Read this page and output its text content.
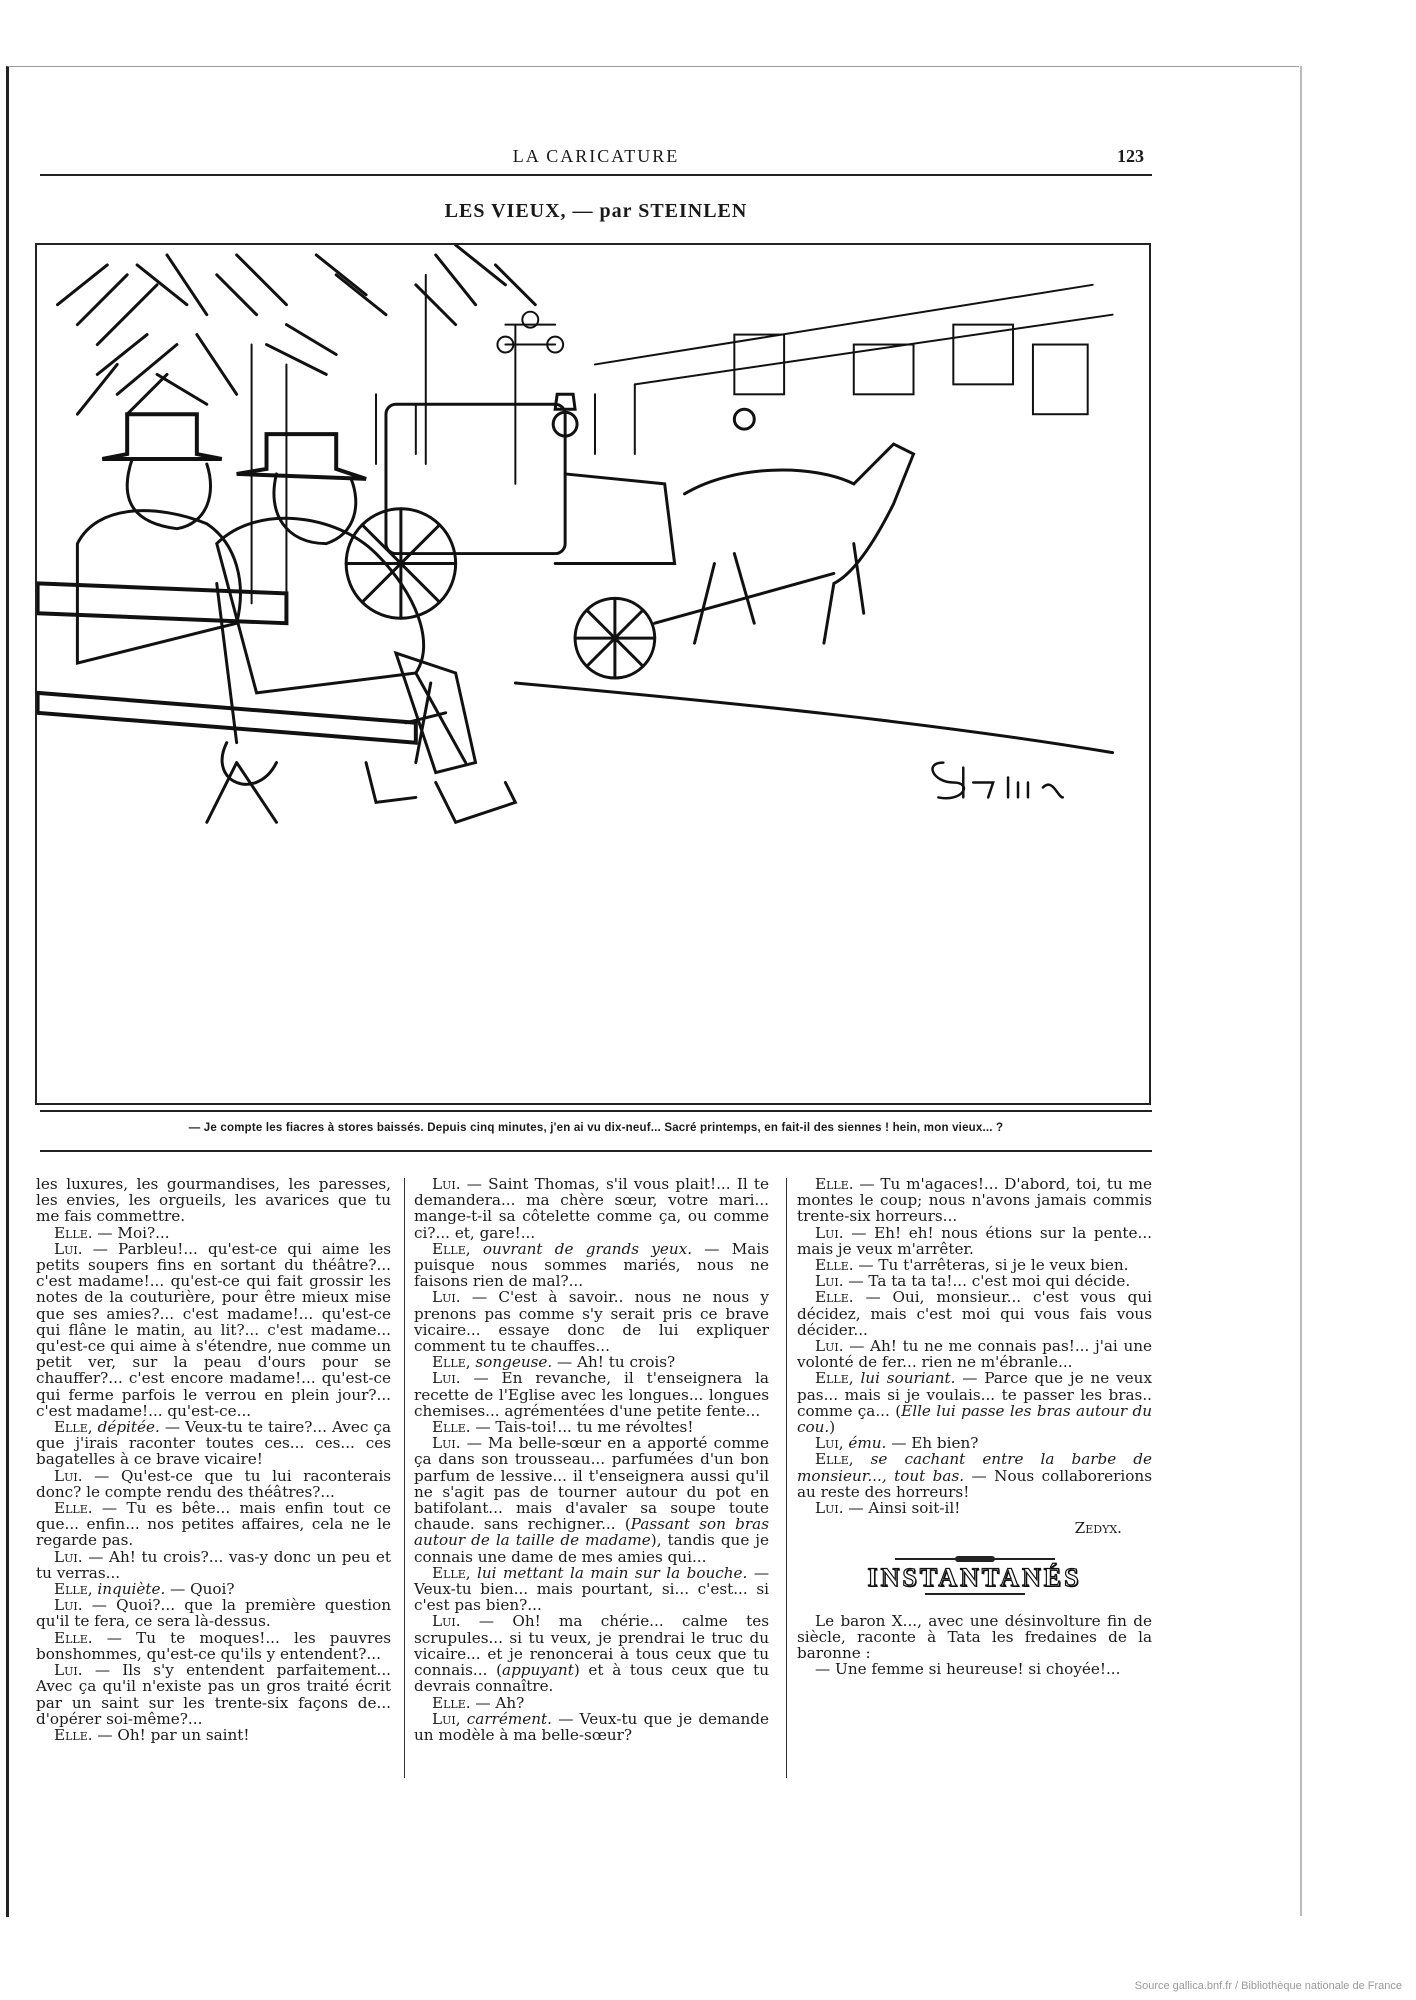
LA CARICATURE	123
LES VIEUX, — par STEINLEN
— Je compte les fiacres à stores baissés. Depuis cinq minutes, j'en ai vu dix-neuf... Sacré printemps, en fait-il des siennes ! hein, mon vieux... ?

les luxures, les gourmandises, les paresses, les envies, les orgueils, les avarices que tu me fais commettre.

Elle. — Moi?...

Lui. — Parbleu!... qu'est-ce qui aime les petits soupers fins en sortant du théâtre?... c'est madame!... qu'est-ce qui fait grossir les notes de la couturière, pour être mieux mise que ses amies?... c'est madame!... qu'est-ce qui flâne le matin, au lit?... c'est madame... qu'est-ce qui aime à s'étendre, nue comme un petit ver, sur la peau d'ours pour se chauffer?... c'est encore madame!... qu'est-ce qui ferme parfois le verrou en plein jour?... c'est madame!... qu'est-ce...

Elle, dépitée. — Veux-tu te taire?... Avec ça que j'irais raconter toutes ces... ces... ces bagatelles à ce brave vicaire!

Lui. — Qu'est-ce que tu lui raconterais donc? le compte rendu des théâtres?...

Elle. — Tu es bête... mais enfin tout ce que... enfin... nos petites affaires, cela ne le regarde pas.

Lui. — Ah! tu crois?... vas-y donc un peu et tu verras...

Elle, inquiète. — Quoi?

Lui. — Quoi?... que la première question qu'il te fera, ce sera là-dessus.

Elle. — Tu te moques!... les pauvres bonshommes, qu'est-ce qu'ils y entendent?...

Lui. — Ils s'y entendent parfaitement... Avec ça qu'il n'existe pas un gros traité écrit par un saint sur les trente-six façons de... d'opérer soi-même?...

Elle. — Oh! par un saint!

Lui. — Saint Thomas, s'il vous plait!... Il te demandera... ma chère sœur, votre mari... mange-t-il sa côtelette comme ça, ou comme ci?... et, gare!...

Elle, ouvrant de grands yeux. — Mais puisque nous sommes mariés, nous ne faisons rien de mal?...

Lui. — C'est à savoir.. nous ne nous y prenons pas comme s'y serait pris ce brave vicaire... essaye donc de lui expliquer comment tu te chauffes...

Elle, songeuse. — Ah! tu crois?

Lui. — En revanche, il t'enseignera la recette de l'Eglise avec les longues... longues chemises... agrémentées d'une petite fente...

Elle. — Tais-toi!... tu me révoltes!

Lui. — Ma belle-sœur en a apporté comme ça dans son trousseau... parfumées d'un bon parfum de lessive... il t'enseignera aussi qu'il ne s'agit pas de tourner autour du pot en batifolant... mais d'avaler sa soupe toute chaude. sans rechigner... (Passant son bras autour de la taille de madame), tandis que je connais une dame de mes amies qui...

Elle, lui mettant la main sur la bouche. — Veux-tu bien... mais pourtant, si... c'est... si c'est pas bien?...

Lui. — Oh! ma chérie... calme tes scrupules... si tu veux, je prendrai le truc du vicaire... et je renoncerai à tous ceux que tu connais... (appuyant) et à tous ceux que tu devrais connaître.

Elle. — Ah?

Lui, carrément. — Veux-tu que je demande un modèle à ma belle-sœur?

Elle. — Tu m'agaces!... D'abord, toi, tu me montes le coup; nous n'avons jamais commis trente-six horreurs...

Lui. — Eh! eh! nous étions sur la pente... mais je veux m'arrêter.

Elle. — Tu t'arrêteras, si je le veux bien.

Lui. — Ta ta ta ta!... c'est moi qui décide.

Elle. — Oui, monsieur... c'est vous qui décidez, mais c'est moi qui vous fais vous décider...

Lui. — Ah! tu ne me connais pas!... j'ai une volonté de fer... rien ne m'ébranle...

Elle, lui souriant. — Parce que je ne veux pas... mais si je voulais... te passer les bras.. comme ça... (Elle lui passe les bras autour du cou.)

Lui, ému. — Eh bien?

Elle, se cachant entre la barbe de monsieur..., tout bas. — Nous collaborerions au reste des horreurs!

Lui. — Ainsi soit-il!

Zedyx.

INSTANTANÉS

Le baron X..., avec une désinvolture fin de siècle, raconte à Tata les fredaines de la baronne :

— Une femme si heureuse! si choyée!...

Source gallica.bnf.fr / Bibliothèque nationale de France
